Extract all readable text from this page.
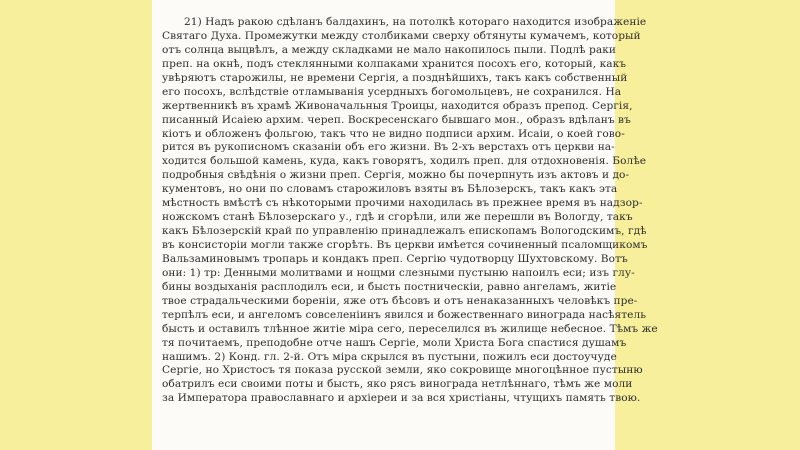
21) Надъ ракою сдѣланъ балдахинъ, на потолкѣ котораго находится изображеніе
Святаго Духа. Промежутки между столбиками сверху обтянуты кумачемъ, который
отъ солнца выцвѣлъ, а между складками не мало накопилось пыли. Подлѣ раки
преп. на окнѣ, подъ стеклянными колпаками хранится посохъ его, который, какъ
увѣряютъ старожилы, не времени Сергія, а позднѣйшихъ, такъ какъ собственный
его посохъ, вслѣдствіе отламыванія усердныхъ богомольцевъ, не сохранился. На
жертвенникѣ въ храмѣ Живоначальныя Троицы, находится образъ препод. Сергія,
писанный Исаіею архим. череп. Воскресенскаго бывшаго мон., образъ вдѣланъ въ
кіотъ и обложенъ фольгою, такъ что не видно подписи архим. Исаіи, о коей гово-
рится въ рукописномъ сказаніи объ его жизни. Въ 2-хъ верстахъ отъ церкви на-
ходится большой камень, куда, какъ говорятъ, ходилъ преп. для отдохновенія. Болѣе
подробныя свѣдѣнія о жизни преп. Сергія, можно бы почерпнуть изъ актовъ и до-
кументовъ, но они по словамъ старожиловъ взяты въ Бѣлозерскъ, такъ какъ эта
мѣстность вмѣстѣ съ нѣкоторыми прочими находилась въ прежнее время въ надзор-
ножскомъ станѣ Бѣлозерскаго у., гдѣ и сгорѣли, или же перешли въ Вологду, такъ
какъ Бѣлозерскій край по управленію принадлежалъ епископамъ Вологодскимъ, гдѣ
въ консисторіи могли также сгорѣть. Въ церкви имѣется сочиненный псаломщикомъ
Вальзаминовымъ тропарь и кондакъ преп. Сергію чудотворцу Шухтовскому. Вотъ
они: 1) тр: Денными молитвами и нощми слезными пустыню напоилъ еси; изъ глу-
бины воздыханія расплодилъ еси, и бысть постническіи, равно ангеламъ, житіе
твое страдальческими бореніи, яже отъ бѣсовъ и отъ ненаказанныхъ человѣкъ пре-
терпѣлъ еси, и ангеломъ совселеніинъ явился и божественнаго винограда насѣятель
бысть и оставилъ тлѣнное житіе міра сего, переселился въ жилище небесное. Тѣмъ же
тя почитаемъ, преподобне отче нашъ Сергіе, моли Христа Бога спастися душамъ
нашимъ. 2) Конд. гл. 2-й. Отъ міра скрылся въ пустыни, пожилъ еси достоучуде
Сергіе, но Христосъ тя показа русской земли, яко сокровище многоцѣнное пустыню
обатрилъ еси своими поты и бысть, яко рясъ винограда нетлѣннаго, тѣмъ же моли
за Императора православнаго и архіереи и за вся христіаны, чтущихъ память твою.
